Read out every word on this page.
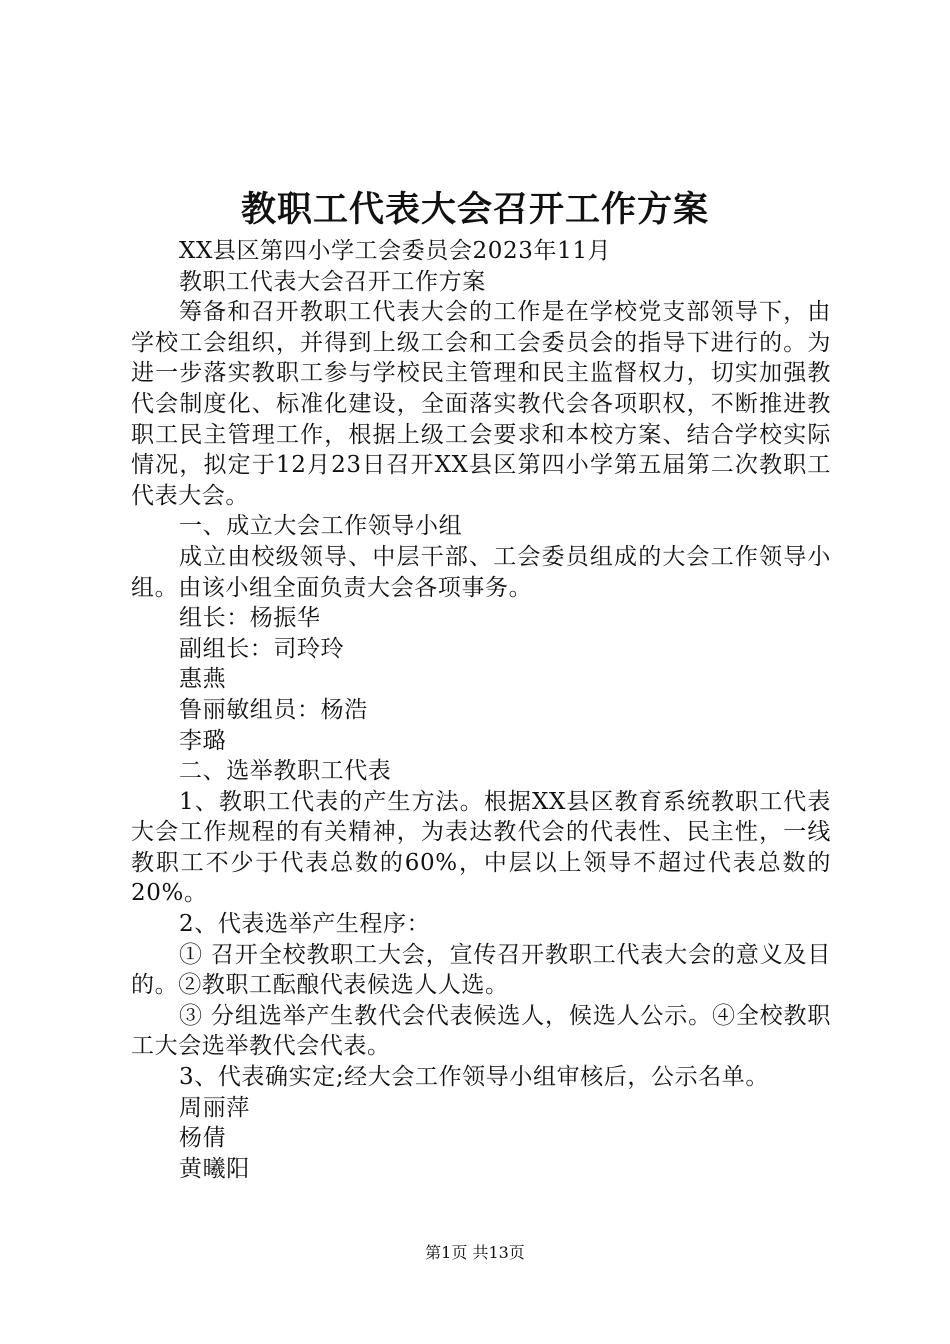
教职工代表大会召开工作方案

XX县区第四小学工会委员会2023年11月

教职工代表大会召开工作方案

筹备和召开教职工代表大会的工作是在学校党支部领导下，由学校工会组织，并得到上级工会和工会委员会的指导下进行的。为进一步落实教职工参与学校民主管理和民主监督权力，切实加强教代会制度化、标准化建设，全面落实教代会各项职权，不断推进教职工民主管理工作，根据上级工会要求和本校方案、结合学校实际情况，拟定于12月23日召开XX县区第四小学第五届第二次教职工代表大会。

一、成立大会工作领导小组

成立由校级领导、中层干部、工会委员组成的大会工作领导小组。由该小组全面负责大会各项事务。

组长：杨振华

副组长：司玲玲

惠燕

鲁丽敏组员：杨浩

李璐

二、选举教职工代表

1、教职工代表的产生方法。根据XX县区教育系统教职工代表大会工作规程的有关精神，为表达教代会的代表性、民主性，一线教职工不少于代表总数的60%，中层以上领导不超过代表总数的20%。

2、代表选举产生程序：

① 召开全校教职工大会，宣传召开教职工代表大会的意义及目的。②教职工酝酿代表候选人人选。

③ 分组选举产生教代会代表候选人，候选人公示。④全校教职工大会选举教代会代表。

3、代表确实定;经大会工作领导小组审核后，公示名单。

周丽萍

杨倩

黄曦阳

第1页 共13页
